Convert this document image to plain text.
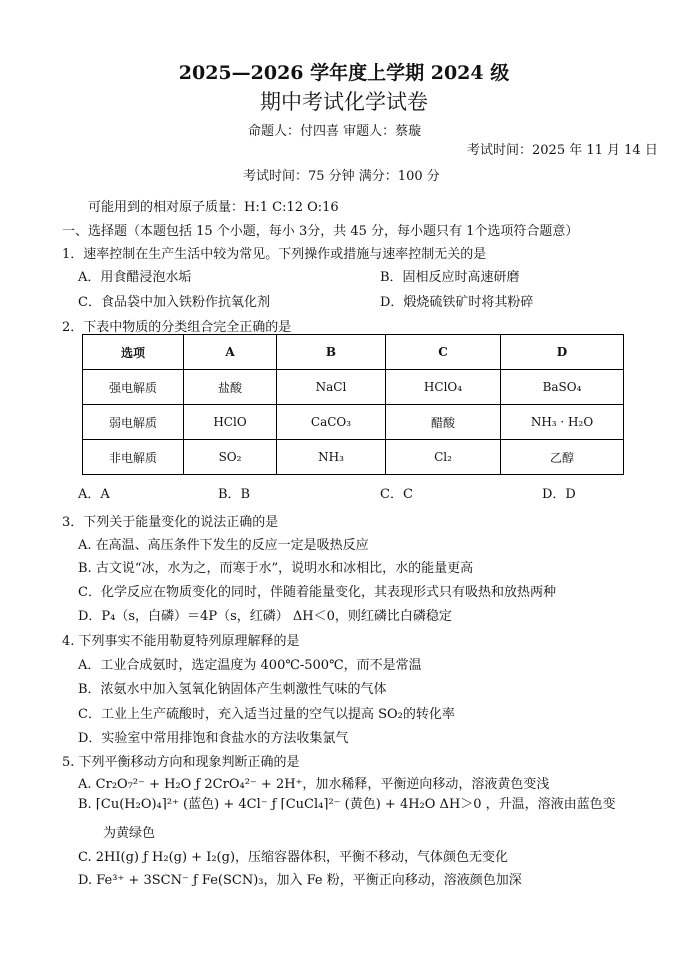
2025—2026 学年度上学期 2024 级
期中考试化学试卷
命题人：付四喜 审题人：蔡璇
考试时间：2025 年 11 月 14 日
考试时间：75 分钟 满分：100 分
可能用到的相对原子质量：H:1 C:12 O:16
一、选择题（本题包括 15 个小题，每小 3分，共 45 分，每小题只有 1个选项符合题意）
1．速率控制在生产生活中较为常见。下列操作或措施与速率控制无关的是
A．用食醋浸泡水垢	B．固相反应时高速研磨
C．食品袋中加入铁粉作抗氧化剂	D．煅烧硫铁矿时将其粉碎
2．下表中物质的分类组合完全正确的是
选项	A	B	C	D
强电解质	盐酸	NaCl	HClO₄	BaSO₄
弱电解质	HClO	CaCO₃	醋酸	NH₃ · H₂O
非电解质	SO₂	NH₃	Cl₂	乙醇
A．A	B．B	C．C	D．D
3．下列关于能量变化的说法正确的是
A. 在高温、高压条件下发生的反应一定是吸热反应
B. 古文说“冰，水为之，而寒于水”，说明水和冰相比，水的能量更高
C．化学反应在物质变化的同时，伴随着能量变化，其表现形式只有吸热和放热两种
D．P₄（s，白磷）＝4P（s，红磷） ΔH＜0，则红磷比白磷稳定
4. 下列事实不能用勒夏特列原理解释的是
A．工业合成氨时，选定温度为 400℃-500℃，而不是常温
B．浓氨水中加入氢氧化钠固体产生刺激性气味的气体
C．工业上生产硫酸时，充入适当过量的空气以提高 SO₂的转化率
D．实验室中常用排饱和食盐水的方法收集氯气
5. 下列平衡移动方向和现象判断正确的是
A. Cr₂O₇²⁻ + H₂O ƒ 2CrO₄²⁻ + 2H⁺，加水稀释，平衡逆向移动，溶液黄色变浅
B. ⌈Cu(H₂O)₄⌉²⁺ (蓝色) + 4Cl⁻ ƒ ⌈CuCl₄⌉²⁻ (黄色) + 4H₂O ΔH＞0 ，升温，溶液由蓝色变
为黄绿色
C. 2HI(g) ƒ H₂(g) + I₂(g)，压缩容器体积，平衡不移动，气体颜色无变化
D. Fe³⁺ + 3SCN⁻ ƒ Fe(SCN)₃，加入 Fe 粉，平衡正向移动，溶液颜色加深
